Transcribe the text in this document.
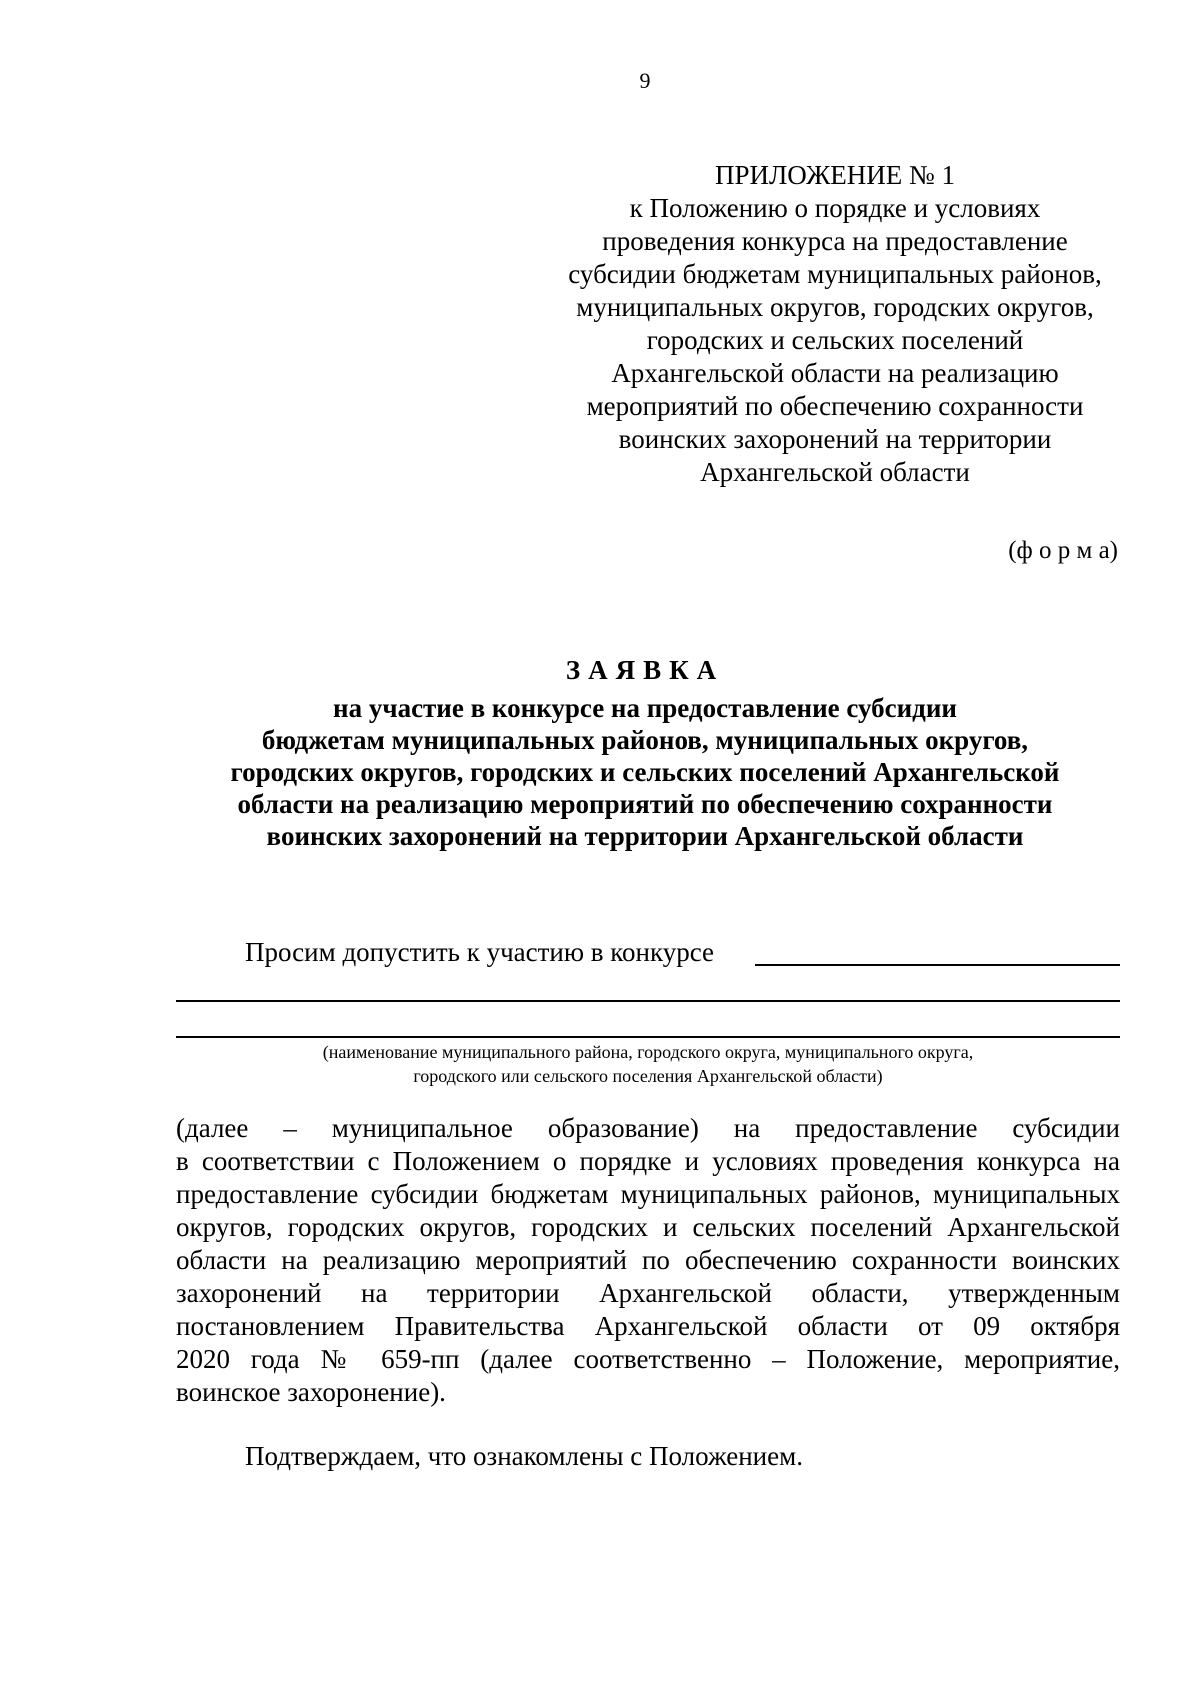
9
ПРИЛОЖЕНИЕ № 1
к Положению о порядке и условиях
проведения конкурса на предоставление
субсидии бюджетам муниципальных районов,
муниципальных округов, городских округов,
городских и сельских поселений
Архангельской области на реализацию
мероприятий по обеспечению сохранности
воинских захоронений на территории
Архангельской области
(ф о р м а)
ЗАЯВКА
на участие в конкурсе на предоставление субсидии
бюджетам муниципальных районов, муниципальных округов,
городских округов, городских и сельских поселений Архангельской
области на реализацию мероприятий по обеспечению сохранности
воинских захоронений на территории Архангельской области
Просим допустить к участию в конкурсе
(наименование муниципального района, городского округа, муниципального округа,
городского или сельского поселения Архангельской области)
(далее – муниципальное образование) на предоставление субсидии
в соответствии с Положением о порядке и условиях проведения конкурса на
предоставление субсидии бюджетам муниципальных районов, муниципальных
округов, городских округов, городских и сельских поселений Архангельской
области на реализацию мероприятий по обеспечению сохранности воинских
захоронений на территории Архангельской области, утвержденным
постановлением Правительства Архангельской области от 09 октября
2020 года № 659-пп (далее соответственно – Положение, мероприятие,
воинское захоронение).
Подтверждаем, что ознакомлены с Положением.
